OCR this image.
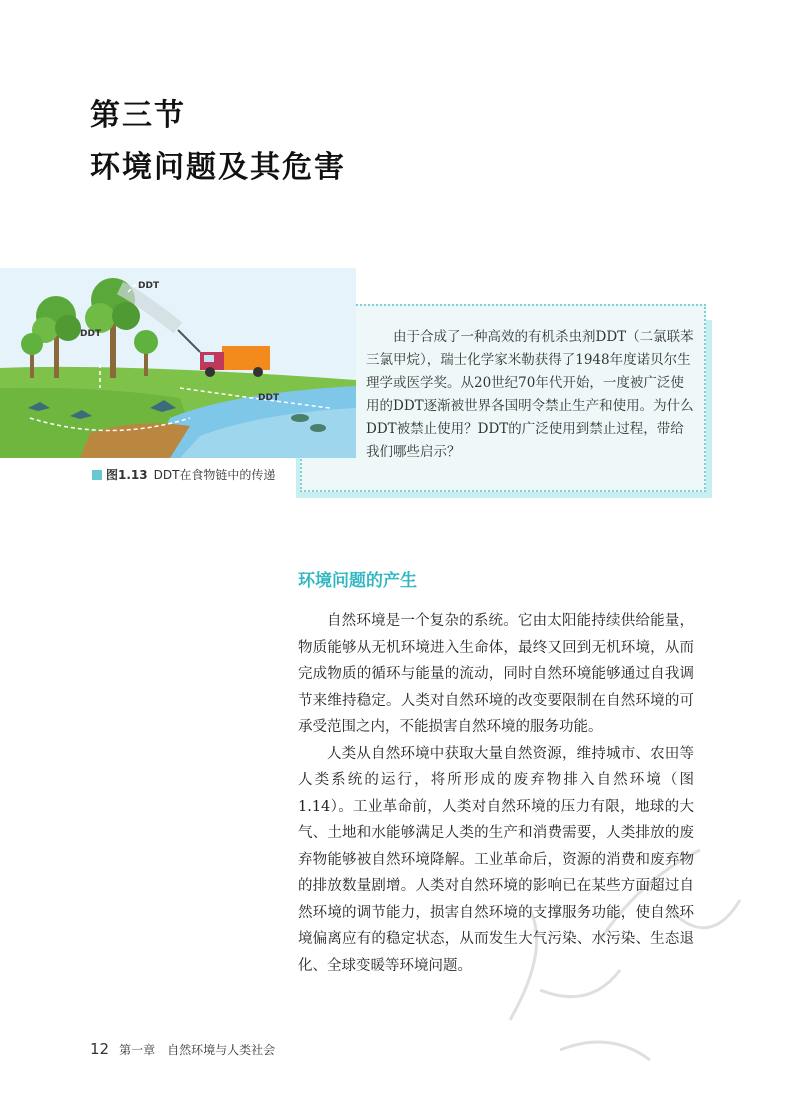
第三节
环境问题及其危害
由于合成了一种高效的有机杀虫剂DDT（二氯联苯三氯甲烷），瑞士化学家米勒获得了1948年度诺贝尔生理学或医学奖。从20世纪70年代开始，一度被广泛使用的DDT逐渐被世界各国明令禁止生产和使用。为什么DDT被禁止使用？DDT的广泛使用到禁止过程，带给我们哪些启示？
DDT
DDT
DDT
图1.13 DDT在食物链中的传递
环境问题的产生

自然环境是一个复杂的系统。它由太阳能持续供给能量，物质能够从无机环境进入生命体，最终又回到无机环境，从而完成物质的循环与能量的流动，同时自然环境能够通过自我调节来维持稳定。人类对自然环境的改变要限制在自然环境的可承受范围之内，不能损害自然环境的服务功能。

人类从自然环境中获取大量自然资源，维持城市、农田等人类系统的运行，将所形成的废弃物排入自然环境（图1.14）。工业革命前，人类对自然环境的压力有限，地球的大气、土地和水能够满足人类的生产和消费需要，人类排放的废弃物能够被自然环境降解。工业革命后，资源的消费和废弃物的排放数量剧增。人类对自然环境的影响已在某些方面超过自然环境的调节能力，损害自然环境的支撑服务功能，使自然环境偏离应有的稳定状态，从而发生大气污染、水污染、生态退化、全球变暖等环境问题。

12 第一章　自然环境与人类社会
